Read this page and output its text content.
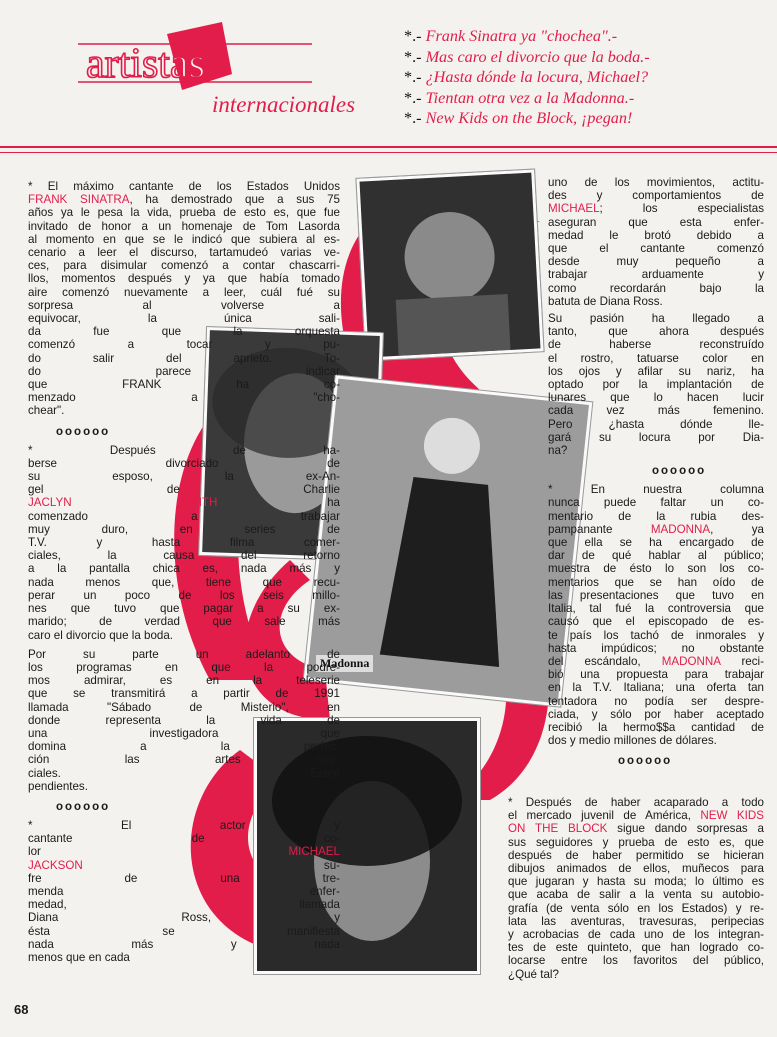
artistas
internacionales
*.- Frank Sinatra ya "chochea".-
*.- Mas caro el divorcio que la boda.-
*.- ¿Hasta dónde la locura, Michael?
*.- Tientan otra vez a la Madonna.-
*.- New Kids on the Block, ¡pegan!
Madonna
* El máximo cantante de los Estados Unidos
FRANK SINATRA, ha demostrado que a sus 75
años ya le pesa la vida, prueba de esto es, que fue
invitado de honor a un homenaje de Tom Lasorda
al momento en que se le indicó que subiera al es-
cenario a leer el discurso, tartamudeó varias ve-
ces, para disimular comenzó a contar chascarri-
llos, momentos después y ya que había tomado
aire comenzó nuevamente a leer, cuál fué su
sorpresa al volverse a
equivocar, la única sali-
da fue que la orquesta
comenzó a tocar y pu-
do salir del aprieto. To-
do parece indicar
que FRANK ha co-
menzado a "cho-
chear".
oooooo
* Después de ha-
berse divorciado de
su esposo, la ex-An-
gel de Charlie
JACLYN SMITH ha
comenzado a trabajar
muy duro, en series de
T.V. y hasta filma comer-
ciales, la causa del retorno
a la pantalla chica es, nada más y
nada menos que, tiene que recu-
perar un poco de los seis millo-
nes que tuvo que pagar a su ex-
marido; de verdad que sale más
caro el divorcio que la boda.
Por su parte un adelanto de
los programas en que la podre-
mos admirar, es en la teleserie
que se transmitirá a partir de 1991
llamada "Sábado de Misterio", en
donde representa la vida de
una investigadora que
domina a la perfec-
ción las artes mar-
ciales. Estén
pendientes.
oooooo
* El actor y
cantante de co-
lor MICHAEL
JACKSON su-
fre de una tre-
menda enfer-
medad, llamada
Diana Ross, y
ésta se manifiesta
nada más y nada
menos que en cada
uno de los movimientos, actitu-
des y comportamientos de
MICHAEL; los especialistas
aseguran que esta enfer-
medad le brotó debido a
que el cantante comenzó
desde muy pequeño a
trabajar arduamente y
como recordarán bajo la
batuta de Diana Ross.
Su pasión ha llegado a
tanto, que ahora después
de haberse reconstruído
el rostro, tatuarse color en
los ojos y afilar su nariz, ha
optado por la implantación de
lunares que lo hacen lucir
cada vez más femenino.
Pero ¿hasta dónde lle-
gará su locura por Dia-
na?
oooooo
* En nuestra columna
nunca puede faltar un co-
mentario de la rubia des-
pampanante MADONNA, ya
que ella se ha encargado de
dar de qué hablar al público;
muestra de ésto lo son los co-
mentarios que se han oído de
las presentaciones que tuvo en
Italia, tal fué la controversia que
causó que el episcopado de es-
te país los tachó de inmorales y
hasta impúdicos; no obstante
del escándalo, MADONNA reci-
bió una propuesta para trabajar
en la T.V. Italiana; una oferta tan
tentadora no podía ser despre-
ciada, y sólo por haber aceptado
recibió la hermo$$a cantidad de
dos y medio millones de dólares.
oooooo
* Después de haber acaparado a todo
el mercado juvenil de América, NEW KIDS
ON THE BLOCK sigue dando sorpresas a
sus seguidores y prueba de esto es, que
después de haber permitido se hicieran
dibujos animados de ellos, muñecos para
que jugaran y hasta su moda; lo último es
que acaba de salir a la venta su autobio-
grafía (de venta sólo en los Estados) y re-
lata las aventuras, travesuras, peripecias
y acrobacias de cada uno de los integran-
tes de este quinteto, que han logrado co-
locarse entre los favoritos del público,
¿Qué tal?
68
